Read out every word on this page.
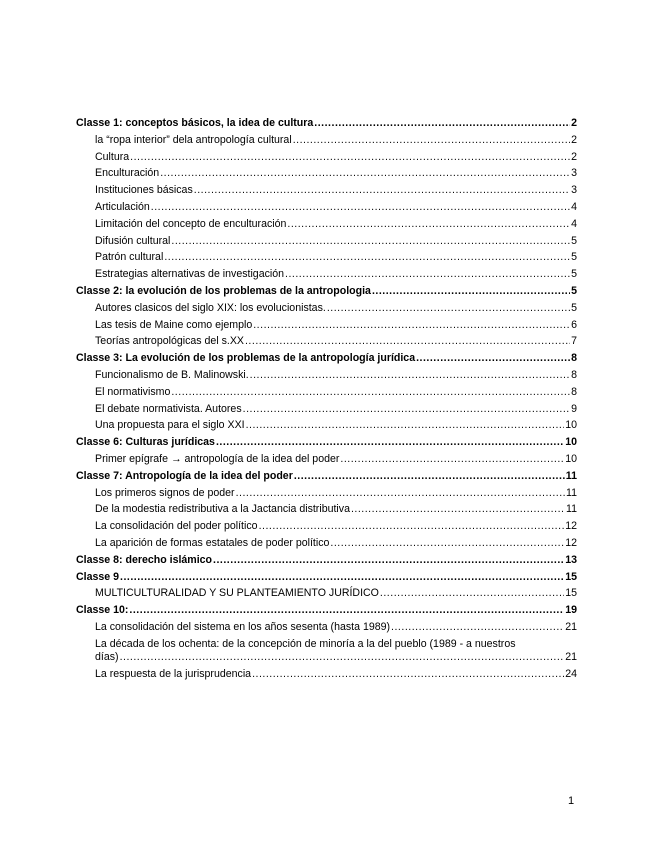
Classe 1: conceptos básicos, la idea de cultura .....	2
la “ropa interior” dela antropología cultural .....	2
Cultura .....	2
Enculturación .....	3
Instituciones básicas .....	3
Articulación .....	4
Limitación del concepto de enculturación .....	4
Difusión cultural .....	5
Patrón cultural .....	5
Estrategias alternativas de investigación .....	5
Classe 2: la evolución de los problemas de la antropologia .....	5
Autores clasicos del siglo XIX: los evolucionistas. .....	5
Las tesis de Maine como ejemplo .....	6
Teorías antropológicas del s.XX .....	7
Classe 3: La evolución de los problemas de la antropología jurídica .....	8
Funcionalismo de B. Malinowski. .....	8
El normativismo .....	8
El debate normativista. Autores .....	9
Una propuesta para el siglo XXI .....	10
Classe 6: Culturas jurídicas .....	10
Primer epígrafe → antropología de la idea del poder .....	10
Classe 7: Antropología de la idea del poder .....	11
Los primeros signos de poder .....	11
De la modestia redistributiva a la Jactancia distributiva .....	11
La consolidación del poder político .....	12
La aparición de formas estatales de poder político .....	12
Classe 8: derecho islámico .....	13
Classe 9 .....	15
MULTICULTURALIDAD Y SU PLANTEAMIENTO JURÍDICO .....	15
Classe 10: .....	19
La consolidación del sistema en los años sesenta (hasta 1989) .....	21
La década de los ochenta: de la concepción de minoría a la del pueblo (1989 - a nuestros
días) .....	21
La respuesta de la jurisprudencia .....	24
1
